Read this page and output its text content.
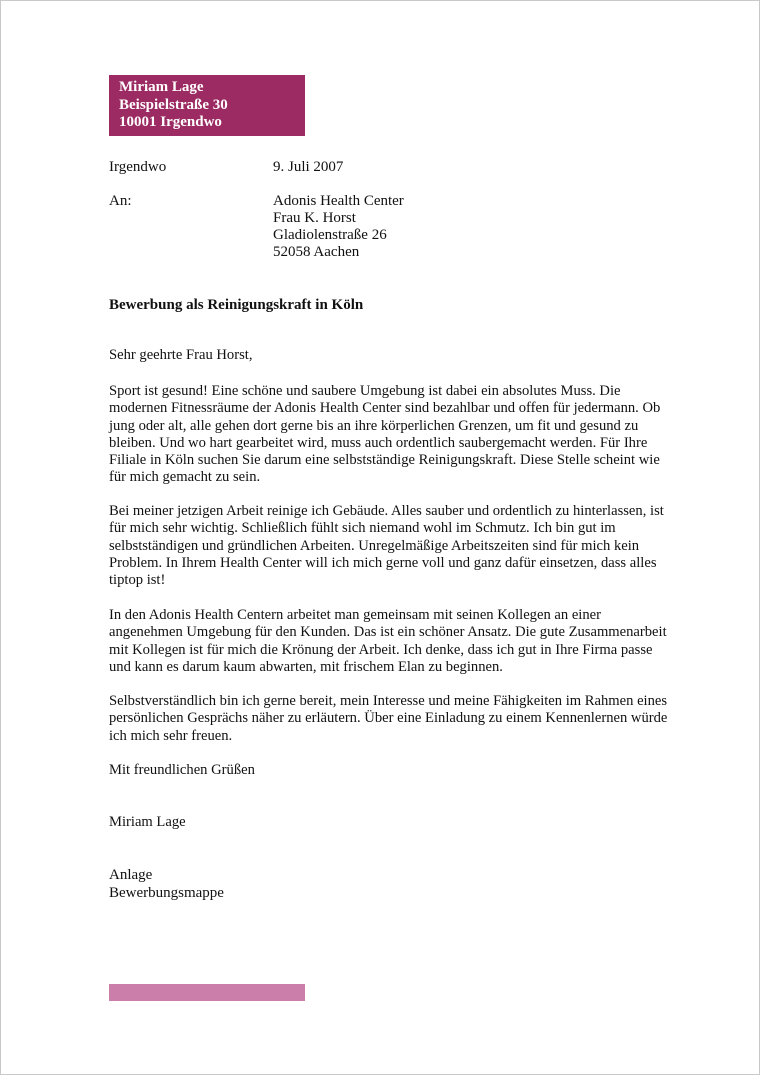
Miriam Lage
Beispielstraße 30
10001 Irgendwo
Irgendwo	9. Juli 2007
An:	Adonis Health Center
Frau K. Horst
Gladiolenstraße 26
52058 Aachen
Bewerbung als Reinigungskraft in Köln
Sehr geehrte Frau Horst,
Sport ist gesund! Eine schöne und saubere Umgebung ist dabei ein absolutes Muss. Die modernen Fitnessräume der Adonis Health Center sind bezahlbar und offen für jedermann. Ob jung oder alt, alle gehen dort gerne bis an ihre körperlichen Grenzen, um fit und gesund zu bleiben. Und wo hart gearbeitet wird, muss auch ordentlich saubergemacht werden. Für Ihre Filiale in Köln suchen Sie darum eine selbstständige Reinigungskraft. Diese Stelle scheint wie für mich gemacht zu sein.
Bei meiner jetzigen Arbeit reinige ich Gebäude. Alles sauber und ordentlich zu hinterlassen, ist für mich sehr wichtig. Schließlich fühlt sich niemand wohl im Schmutz. Ich bin gut im selbstständigen und gründlichen Arbeiten. Unregelmäßige Arbeitszeiten sind für mich kein Problem. In Ihrem Health Center will ich mich gerne voll und ganz dafür einsetzen, dass alles tiptop ist!
In den Adonis Health Centern arbeitet man gemeinsam mit seinen Kollegen an einer angenehmen Umgebung für den Kunden. Das ist ein schöner Ansatz. Die gute Zusammenarbeit mit Kollegen ist für mich die Krönung der Arbeit. Ich denke, dass ich gut in Ihre Firma passe und kann es darum kaum abwarten, mit frischem Elan zu beginnen.
Selbstverständlich bin ich gerne bereit, mein Interesse und meine Fähigkeiten im Rahmen eines persönlichen Gesprächs näher zu erläutern. Über eine Einladung zu einem Kennenlernen würde ich mich sehr freuen.
Mit freundlichen Grüßen
Miriam Lage
Anlage
Bewerbungsmappe
